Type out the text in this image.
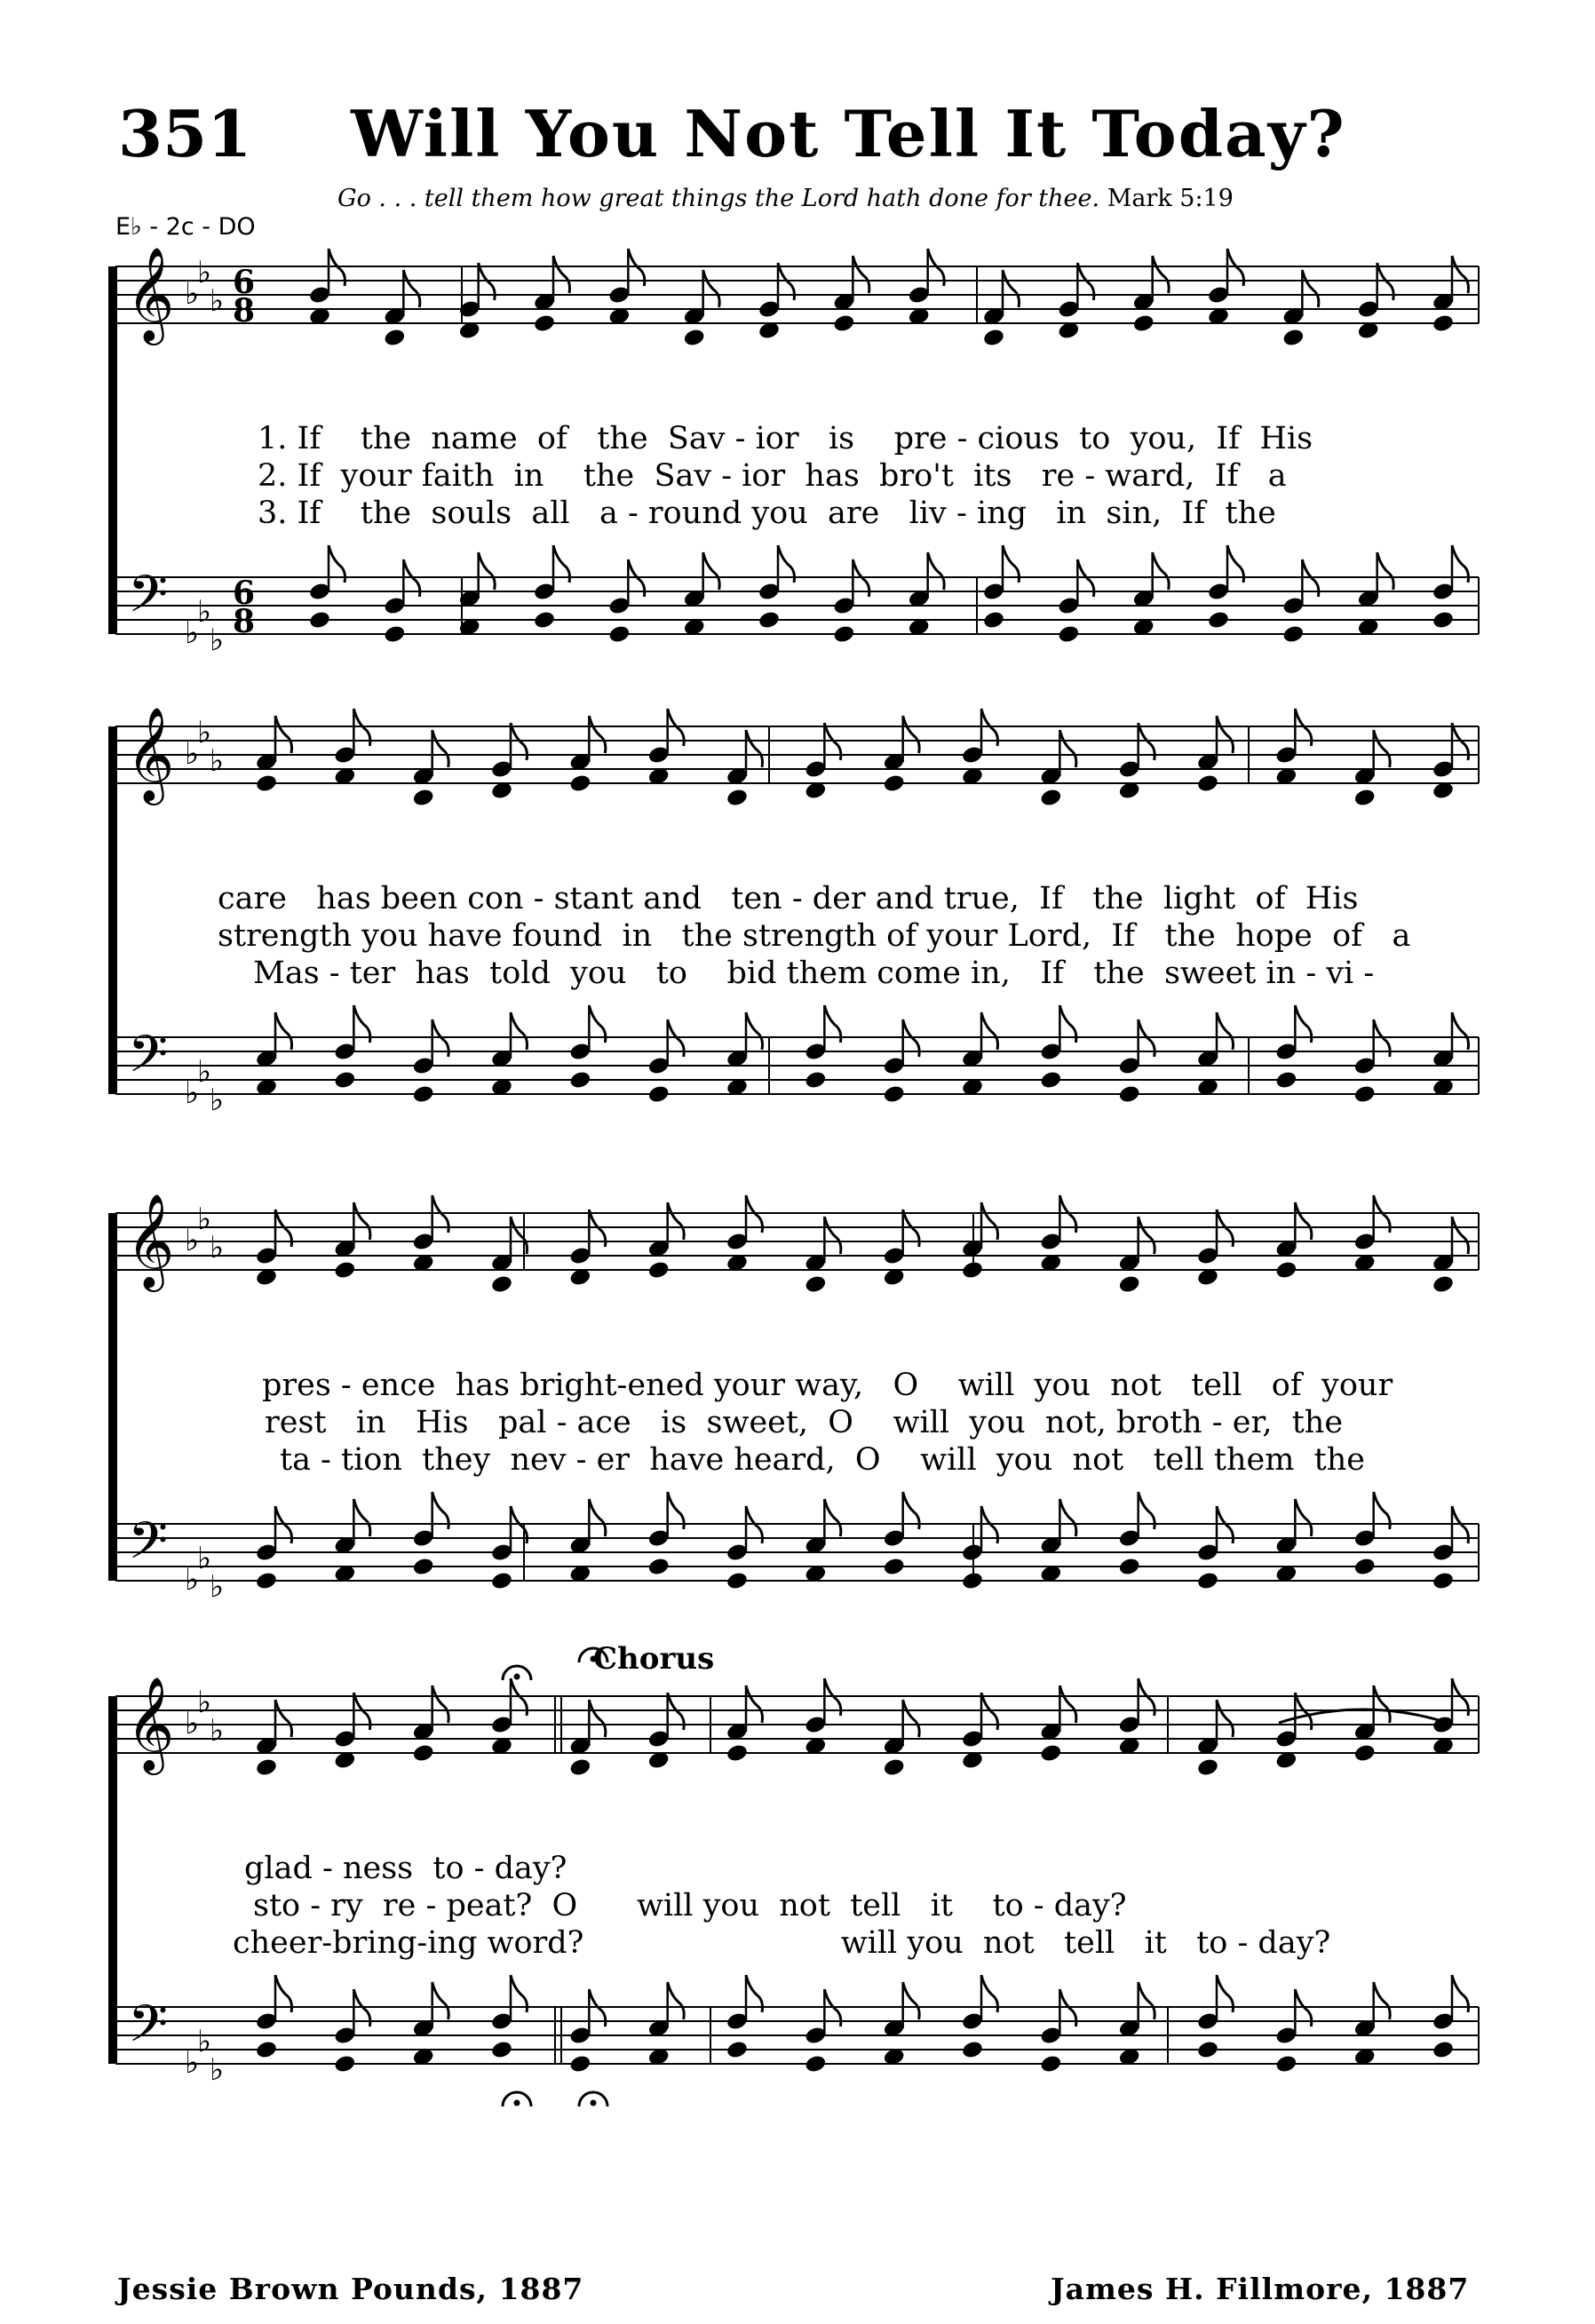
351 Will You Not Tell It Today?
Go . . . tell them how great things the Lord hath done for thee. Mark 5:19
E♭ - 2c - DO
𝄞
𝄢
♭
♭
♭
♭
♭
♭
6
8
6
8
𝄞
𝄢
♭
♭
♭
♭
♭
♭
𝄞
𝄢
♭
♭
♭
♭
♭
♭
𝄞
𝄢
♭
♭
♭
♭
♭
♭
1. If    the  name  of   the  Sav - ior   is    pre - cious  to  you,  If  His
2. If  your faith  in    the  Sav - ior  has  bro't  its   re - ward,  If   a
3. If    the  souls  all   a - round you  are   liv - ing   in  sin,  If  the
care   has been con - stant and   ten - der and true,  If   the  light  of  His
strength you have found  in   the strength of your Lord,  If   the  hope  of   a
Mas - ter  has  told  you   to    bid them come in,   If   the  sweet in - vi -
pres - ence  has bright-ened your way,   O    will  you  not   tell   of  your
rest   in   His   pal - ace   is  sweet,  O    will  you  not, broth - er,  the
ta - tion  they  nev - er  have heard,  O    will  you  not   tell them  the
glad - ness  to - day?
sto - ry  re - peat?  O      will you  not  tell   it    to - day?
cheer-bring-ing word?                          will you  not   tell   it   to - day?
Chorus
Jessie Brown Pounds, 1887	James H. Fillmore, 1887
